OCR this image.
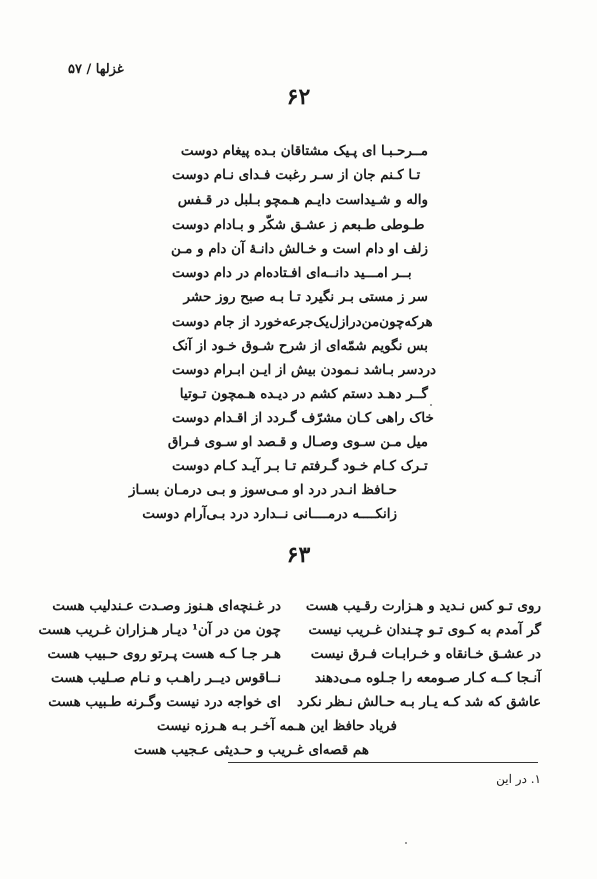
غزلها / ۵۷
۶۲
مــرحـبـا ای پـیک مشتاقان بـده پیغام دوست
تـا کـنم جان از سـر رغبت فـدای نـام دوست
واله و شـیداست دایـم هـمچو بـلبل در قـفس
طـوطی طـبعم ز عشـق شکّر و بـادام دوست
زلف او دام است و خـالش دانـهٔ آن دام و مـن
بــر امـــید دانــه‌ای افـتاده‌ام در دام دوست
سر ز مستی بـر نگیرد تـا بـه صبح روز حشر
هرکه‌چون‌من‌درازل‌یک‌جرعه‌خورد از جام دوست
بس نگویم شمّه‌ای از شرح شـوق خـود از آنک
دردسر بـاشد نـمودن بیش از ایـن ابـرام دوست
گــر دهـد دستم کشم در دیـده هـمچون تـوتیا
خاک راهی کـان مشرّف گـردد از اقـدام دوست
میل مـن سـوی وصـال و قـصد او سـوی فـراق
تـرک کـام خـود گـرفتم تـا بـر آیـد کـام دوست
حـافظ انـدر درد او مـی‌سوز و بـی درمـان بسـاز
زانکــــه درمــــانی نــدارد درد بـی‌آرام دوست
۶۳
روی تـو کس نـدید و هـزارت رقـیب هست
گر آمدم به کـوی تـو چـندان غـریب نیست
در عشـق خـانقاه و خـرابـات فـرق نیست
آنـجا کــه کـار صـومعه را جـلوه مـی‌دهند
عاشق که شد کـه یـار بـه حـالش نـظر نکرد
در غـنچه‌ای هـنوز وصـدت عـندلیب هست
چون من در آن¹ دیـار هـزاران غـریب هست
هـر جـا کـه هست پـرتو روی حـبیب هست
نــاقوس ديــر راهـب و نـام صـليب هست
ای خواجه درد نیست وگـرنه طـبیب هست
فریاد حافظ این هـمه آخـر بـه هـرزه نیست
هم قصه‌ای غـریب و حـدیثی عـجیب هست
۱. در این
